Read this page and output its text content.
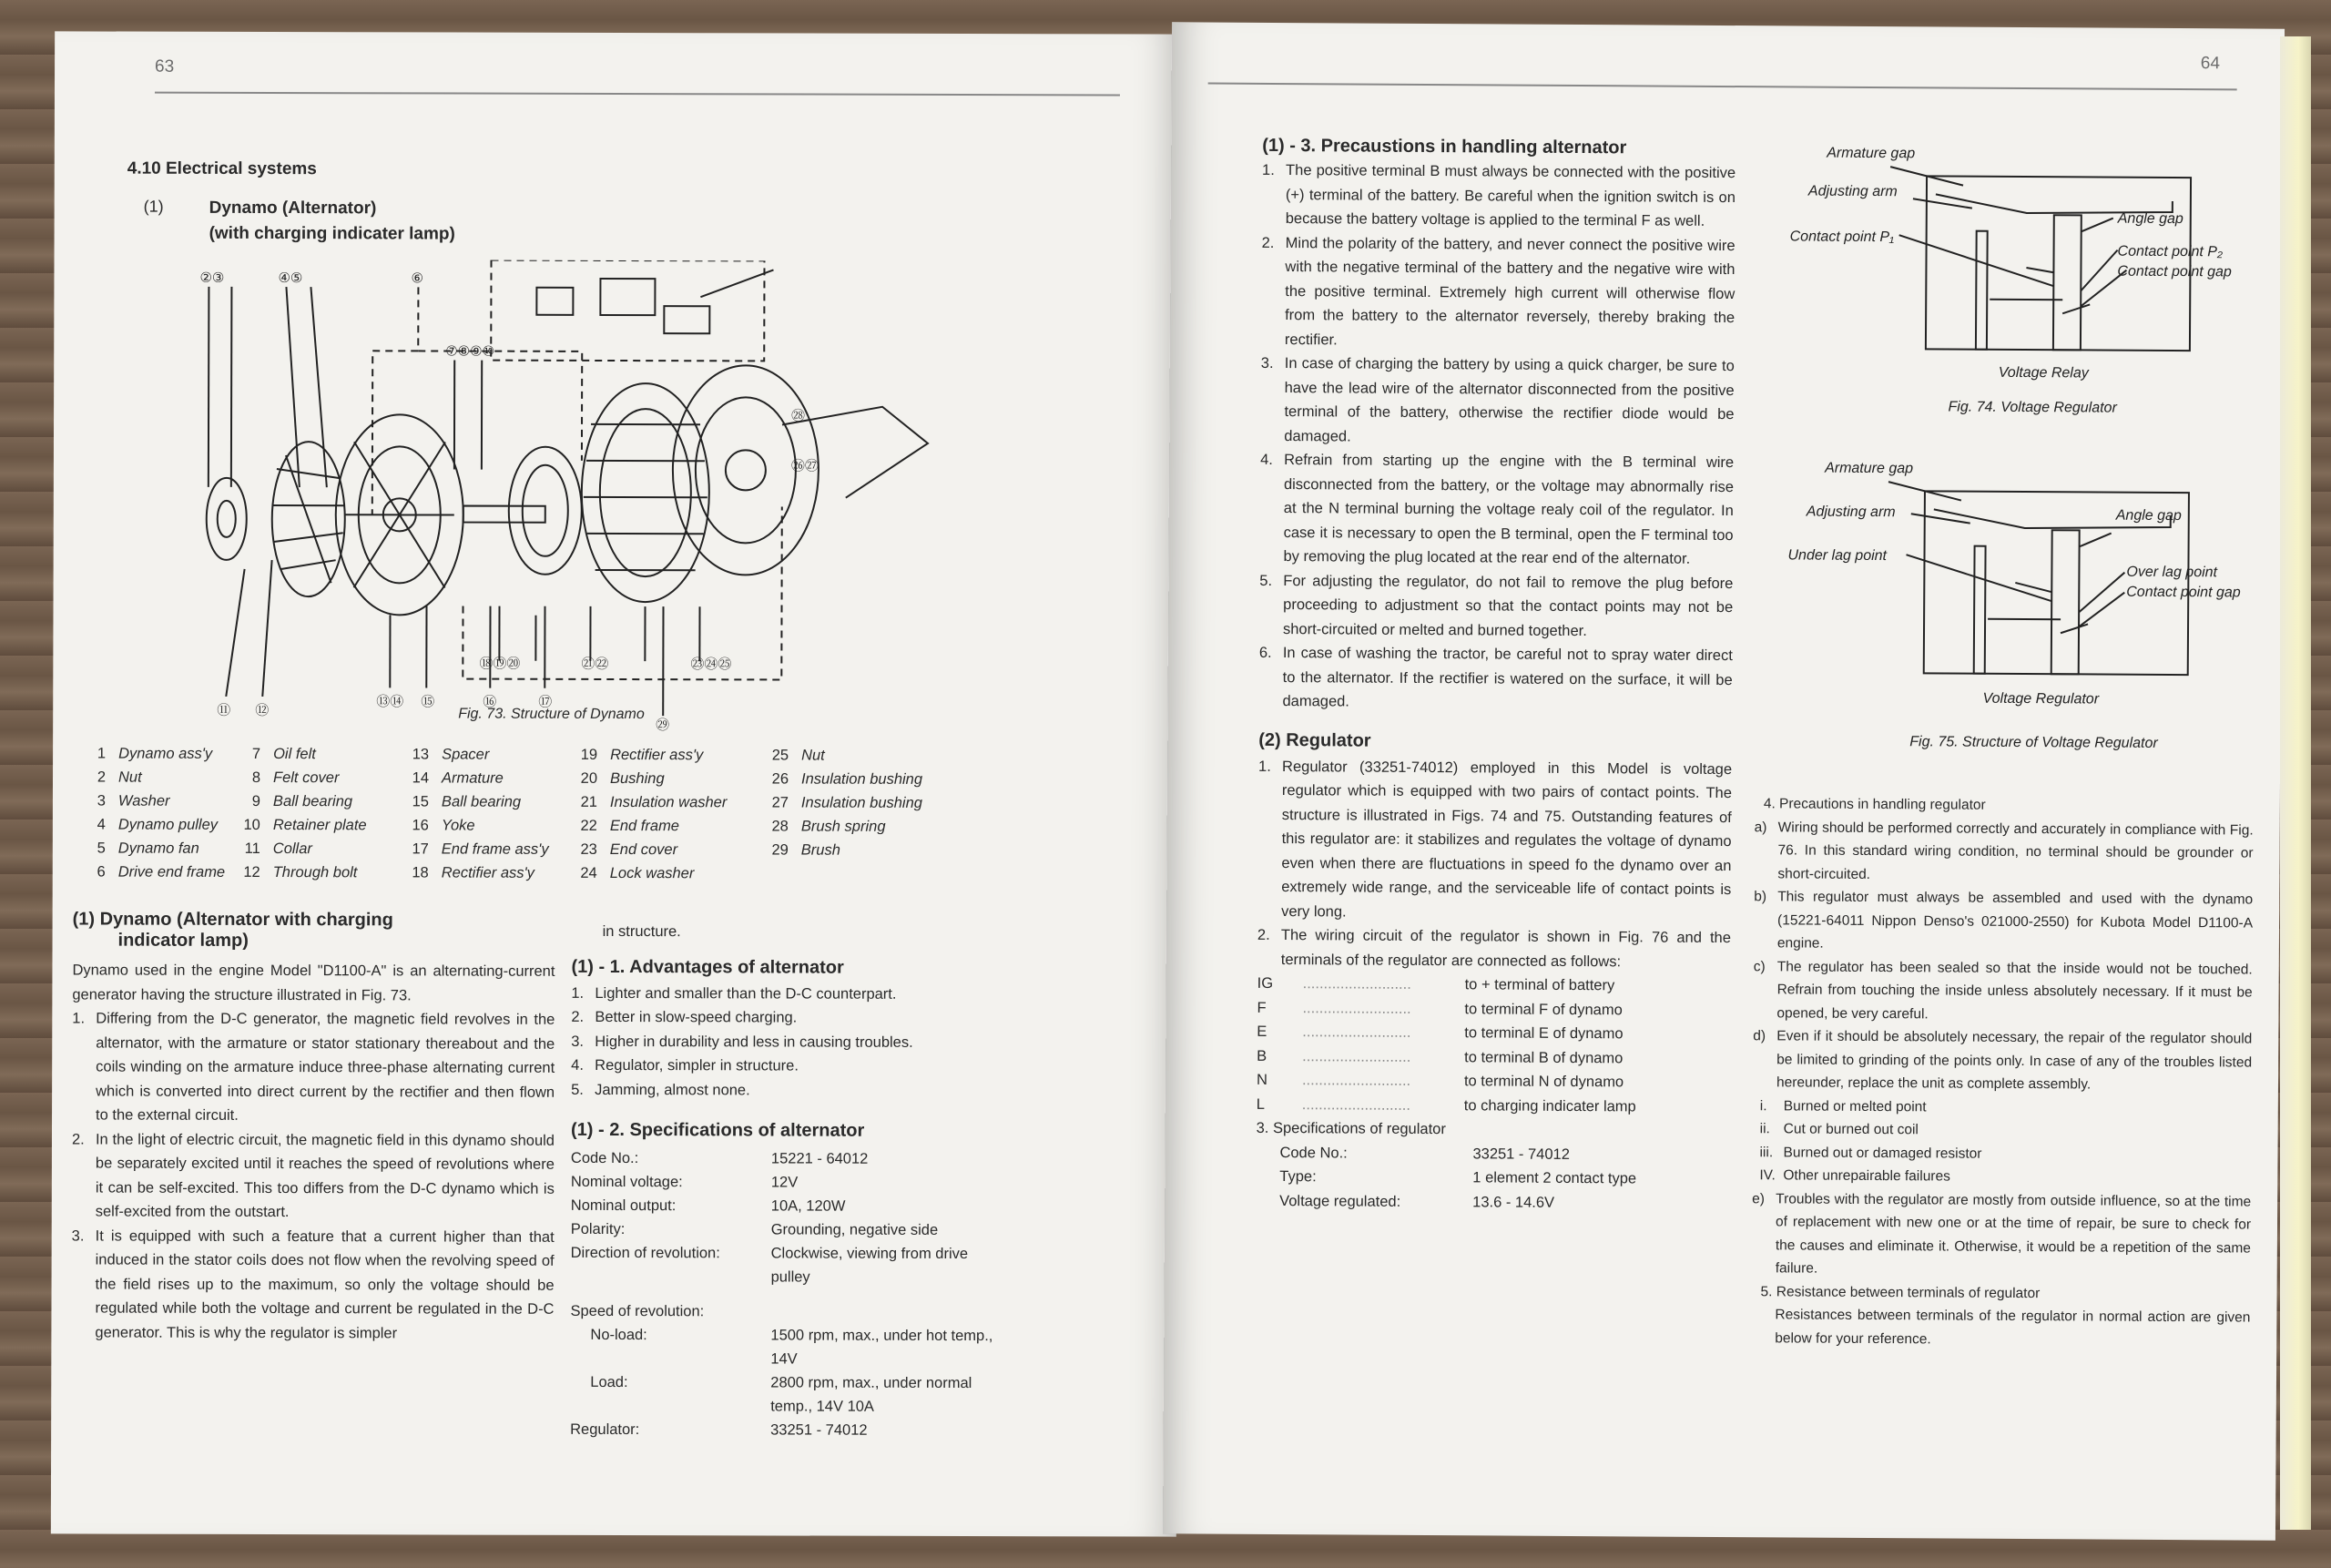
63
4.10 Electrical systems
(1)	Dynamo (Alternator)
(with charging indicater lamp)
②③	④⑤	⑥
⑦⑧⑨⑩
⑪ ⑫
⑬⑭ ⑮	⑯	⑰
⑱⑲⑳	㉑㉒	㉓㉔㉕
㉖㉗
㉘
㉙
Fig. 73. Structure of Dynamo
1 Dynamo ass'y	7 Oil felt	13 Spacer	19 Rectifier ass'y	25 Nut
2 Nut	8 Felt cover	14 Armature	20 Bushing	26 Insulation bushing
3 Washer	9 Ball bearing	15 Ball bearing	21 Insulation washer	27 Insulation bushing
4 Dynamo pulley	10 Retainer plate	16 Yoke	22 End frame	28 Brush spring
5 Dynamo fan	11 Collar	17 End frame ass'y	23 End cover	29 Brush
6 Drive end frame	12 Through bolt	18 Rectifier ass'y	24 Lock washer
(1) Dynamo (Alternator with charging
indicator lamp)
Dynamo used in the engine Model "D1100-A" is an alternating-current generator having the structure illustrated in Fig. 73.
1. Differing from the D-C generator, the magnetic field revolves in the alternator, with the armature or stator stationary thereabout and the coils winding on the armature induce three-phase alternating current which is converted into direct current by the rectifier and then flown to the external circuit.
2. In the light of electric circuit, the magnetic field in this dynamo should be separately excited until it reaches the speed of revolutions where it can be self-excited. This too differs from the D-C dynamo which is self-excited from the outstart.
3. It is equipped with such a feature that a current higher than that induced in the stator coils does not flow when the revolving speed of the field rises up to the maximum, so only the voltage should be regulated while both the voltage and current be regulated in the D-C generator. This is why the regulator is simpler
in structure.
(1) - 1. Advantages of alternator
1. Lighter and smaller than the D-C counterpart.
2. Better in slow-speed charging.
3. Higher in durability and less in causing troubles.
4. Regulator, simpler in structure.
5. Jamming, almost none.
(1) - 2. Specifications of alternator
Code No.:	15221 - 64012
Nominal voltage:	12V
Nominal output:	10A, 120W
Polarity:	Grounding, negative side
Direction of revolution:	Clockwise, viewing from drive pulley
Speed of revolution:
No-load:	1500 rpm, max., under hot temp., 14V
Load:	2800 rpm, max., under normal temp., 14V 10A
Regulator:	33251 - 74012
64
(1) - 3. Precaustions in handling alternator
1. The positive terminal B must always be connected with the positive (+) terminal of the battery. Be careful when the ignition switch is on because the battery voltage is applied to the terminal F as well.
2. Mind the polarity of the battery, and never connect the positive wire with the negative terminal of the battery and the negative wire with the positive terminal. Extremely high current will otherwise flow from the battery to the alternator reversely, thereby braking the rectifier.
3. In case of charging the battery by using a quick charger, be sure to have the lead wire of the alternator disconnected from the positive terminal of the battery, otherwise the rectifier diode would be damaged.
4. Refrain from starting up the engine with the B terminal wire disconnected from the battery, or the voltage may abnormally rise at the N terminal burning the voltage realy coil of the regulator. In case it is necessary to open the B terminal, open the F terminal too by removing the plug located at the rear end of the alternator.
5. For adjusting the regulator, do not fail to remove the plug before proceeding to adjustment so that the contact points may not be short-circuited or melted and burned together.
6. In case of washing the tractor, be careful not to spray water direct to the alternator. If the rectifier is watered on the surface, it will be damaged.
(2) Regulator
1. Regulator (33251-74012) employed in this Model is voltage regulator which is equipped with two pairs of contact points. The structure is illustrated in Figs. 74 and 75. Outstanding features of this regulator are: it stabilizes and regulates the voltage of dynamo even when there are fluctuations in speed fo the dynamo over an extremely wide range, and the serviceable life of contact points is very long.
2. The wiring circuit of the regulator is shown in Fig. 76 and the terminals of the regulator are connected as follows:
IG	..........................	to + terminal of battery
F	..........................	to terminal F of dynamo
E	..........................	to terminal E of dynamo
B	..........................	to terminal B of dynamo
N	..........................	to terminal N of dynamo
L	..........................	to charging indicater lamp
3. Specifications of regulator
Code No.:	33251 - 74012
Type:	1 element 2 contact type
Voltage regulated:	13.6 - 14.6V
Armature gap
Adjusting arm
Angle gap
Contact point P₁
Contact point P₂
Contact point gap
Voltage Relay
Fig. 74. Voltage Regulator
Armature gap
Adjusting arm	Angle gap
Under lag point
Over lag point
Contact point gap
Voltage Regulator
Fig. 75. Structure of Voltage Regulator
4. Precautions in handling regulator
a) Wiring should be performed correctly and accurately in compliance with Fig. 76. In this standard wiring condition, no terminal should be grounder or short-circuited.
b) This regulator must always be assembled and used with the dynamo (15221-64011 Nippon Denso's 021000-2550) for Kubota Model D1100-A engine.
c) The regulator has been sealed so that the inside would not be touched. Refrain from touching the inside unless absolutely necessary. If it must be opened, be very careful.
d) Even if it should be absolutely necessary, the repair of the regulator should be limited to grinding of the points only. In case of any of the troubles listed hereunder, replace the unit as complete assembly.
i. Burned or melted point
ii. Cut or burned out coil
iii. Burned out or damaged resistor
IV. Other unrepairable failures
e) Troubles with the regulator are mostly from outside influence, so at the time of replacement with new one or at the time of repair, be sure to check for the causes and eliminate it. Otherwise, it would be a repetition of the same failure.
5. Resistance between terminals of regulator
Resistances between terminals of the regulator in normal action are given below for your reference.
